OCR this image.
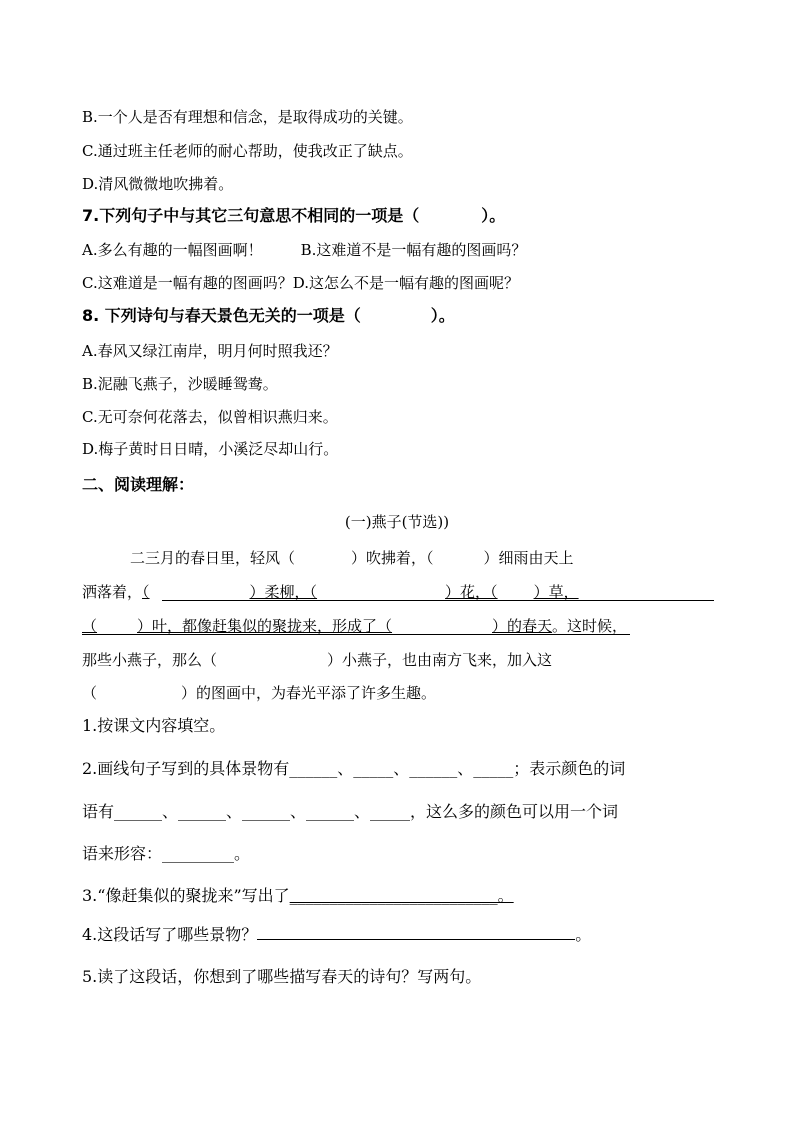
B.一个人是否有理想和信念，是取得成功的关键。
C.通过班主任老师的耐心帮助，使我改正了缺点。
D.清风微微地吹拂着。
7.下列句子中与其它三句意思不相同的一项是（	）。
A.多么有趣的一幅图画啊！	B.这难道不是一幅有趣的图画吗？
C.这难道是一幅有趣的图画吗？D.这怎么不是一幅有趣的图画呢？
8. 下列诗句与春天景色无关的一项是（	）。
A.春风又绿江南岸，明月何时照我还？
B.泥融飞燕子，沙暖睡鸳鸯。
C.无可奈何花落去，似曾相识燕归来。
D.梅子黄时日日晴，小溪泛尽却山行。
二、阅读理解：
(一)燕子(节选))
二三月的春日里，轻风（	）吹拂着，（	）细雨由天上
洒落着，（	）柔柳，（	）花，（ ）草，
（	）叶，都像赶集似的聚拢来，形成了（	）的春天。这时候，
那些小燕子，那么（	）小燕子，也由南方飞来，加入这
（	）的图画中，为春光平添了许多生趣。
1.按课文内容填空。
2.画线句子写到的具体景物有______、_____、______、_____；表示颜色的词
语有______、______、______、______、_____，这么多的颜色可以用一个词
语来形容：_________。
3.“像赶集似的聚拢来”写出了__________________________。
4.这段话写了哪些景物？	。
5.读了这段话，你想到了哪些描写春天的诗句？写两句。
